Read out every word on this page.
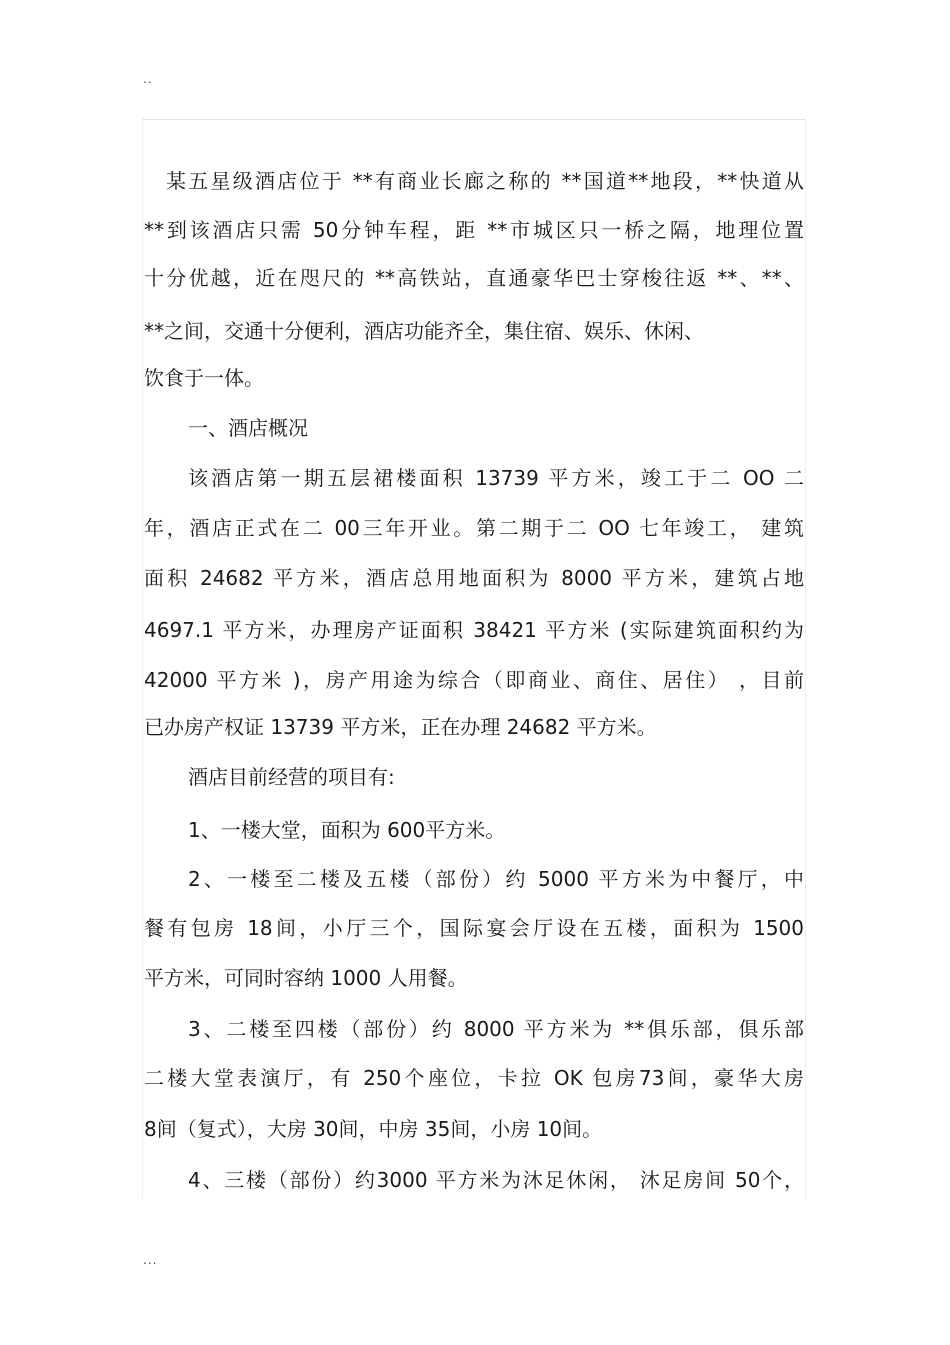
..
某五星级酒店位于 **有商业长廊之称的 **国道**地段，**快道从
**到该酒店只需 50分钟车程，距 **市城区只一桥之隔，地理位置
十分优越，近在咫尺的 **高铁站，直通豪华巴士穿梭往返 **、**、
**之间，交通十分便利，酒店功能齐全，集住宿、娱乐、休闲、
饮食于一体。
一、酒店概况
该酒店第一期五层裙楼面积 13739 平方米，竣工于二 OO 二
年，酒店正式在二 00三年开业。第二期于二 OO 七年竣工， 建筑
面积 24682 平方米，酒店总用地面积为 8000 平方米，建筑占地
4697.1 平方米，办理房产证面积 38421 平方米 (实际建筑面积约为
42000 平方米 )，房产用途为综合（即商业、商住、居住） ，目前
已办房产权证 13739 平方米，正在办理 24682 平方米。
酒店目前经营的项目有:
1、一楼大堂，面积为 600平方米。
2、一楼至二楼及五楼（部份）约 5000 平方米为中餐厅，中
餐有包房 18间，小厅三个，国际宴会厅设在五楼，面积为 1500
平方米，可同时容纳 1000 人用餐。
3、二楼至四楼（部份）约 8000 平方米为 **俱乐部，俱乐部
二楼大堂表演厅，有 250个座位，卡拉 OK 包房73间，豪华大房
8间（复式），大房 30间，中房 35间，小房 10间。
4、三楼（部份）约3000 平方米为沐足休闲， 沐足房间 50个，
...
